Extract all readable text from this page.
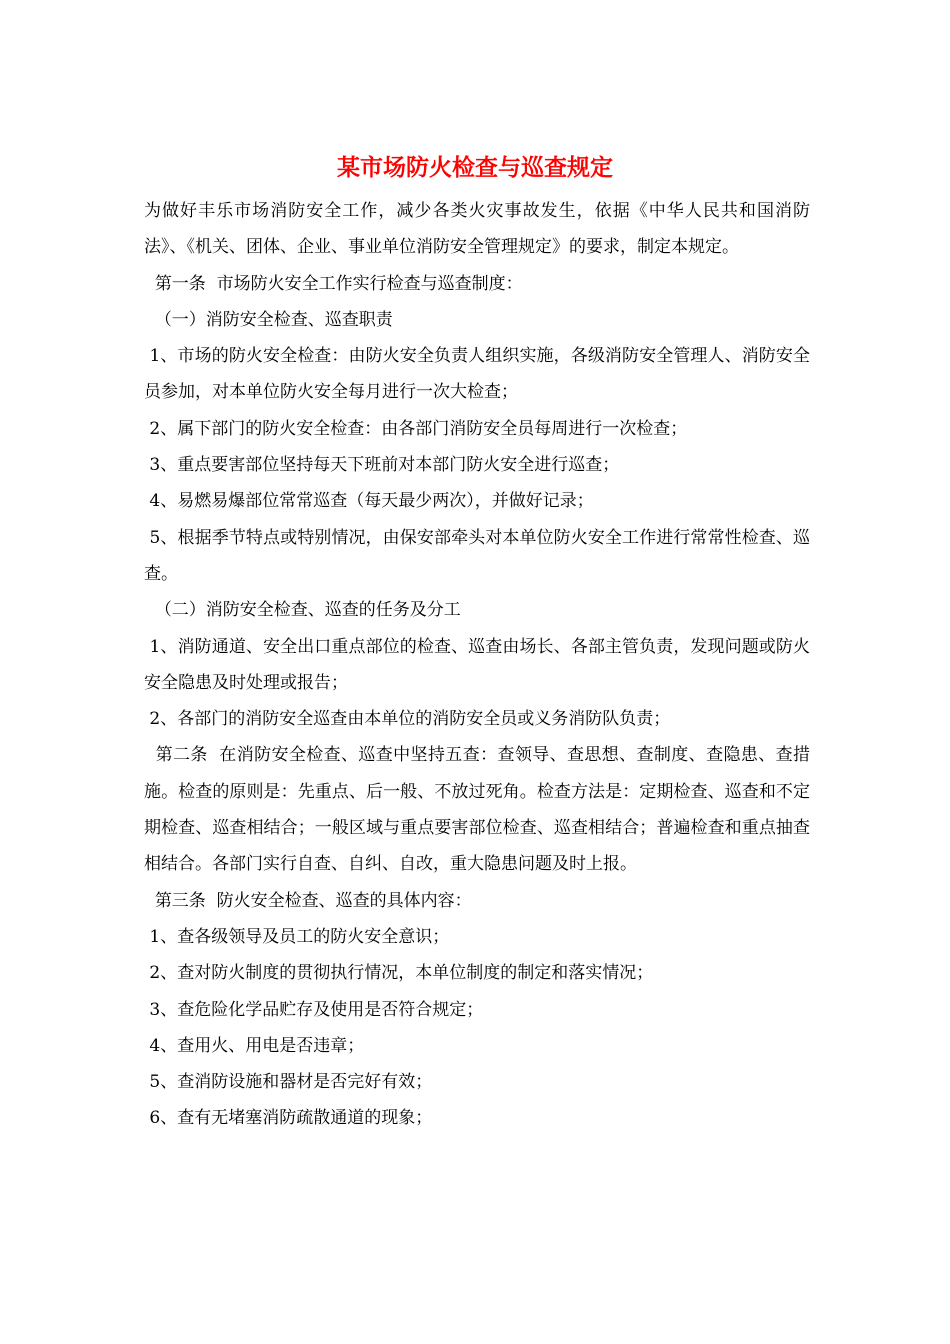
某市场防火检查与巡查规定

为做好丰乐市场消防安全工作，减少各类火灾事故发生，依据《中华人民共和国消防法》、《机关、团体、企业、事业单位消防安全管理规定》的要求，制定本规定。

第一条  市场防火安全工作实行检查与巡查制度：

（一）消防安全检查、巡查职责

1、市场的防火安全检查：由防火安全负责人组织实施，各级消防安全管理人、消防安全员参加，对本单位防火安全每月进行一次大检查；

2、属下部门的防火安全检查：由各部门消防安全员每周进行一次检查；

3、重点要害部位坚持每天下班前对本部门防火安全进行巡查；

4、易燃易爆部位常常巡查（每天最少两次），并做好记录；

5、根据季节特点或特别情况，由保安部牵头对本单位防火安全工作进行常常性检查、巡查。

（二）消防安全检查、巡查的任务及分工

1、消防通道、安全出口重点部位的检查、巡查由场长、各部主管负责，发现问题或防火安全隐患及时处理或报告；

2、各部门的消防安全巡查由本单位的消防安全员或义务消防队负责；

第二条  在消防安全检查、巡查中坚持五查：查领导、查思想、查制度、查隐患、查措施。检查的原则是：先重点、后一般、不放过死角。检查方法是：定期检查、巡查和不定期检查、巡查相结合；一般区域与重点要害部位检查、巡查相结合；普遍检查和重点抽查相结合。各部门实行自查、自纠、自改，重大隐患问题及时上报。

第三条  防火安全检查、巡查的具体内容：

1、查各级领导及员工的防火安全意识；

2、查对防火制度的贯彻执行情况，本单位制度的制定和落实情况；

3、查危险化学品贮存及使用是否符合规定；

4、查用火、用电是否违章；

5、查消防设施和器材是否完好有效；

6、查有无堵塞消防疏散通道的现象；
